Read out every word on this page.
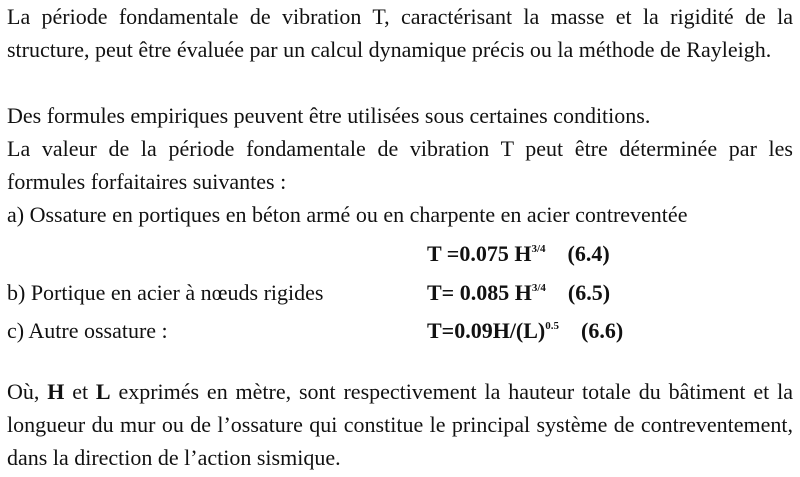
La période fondamentale de vibration T, caractérisant la masse et la rigidité de la structure, peut être évaluée par un calcul dynamique précis ou la méthode de Rayleigh.

Des formules empiriques peuvent être utilisées sous certaines conditions.

La valeur de la période fondamentale de vibration T peut être déterminée par les formules forfaitaires suivantes :

a) Ossature en portiques en béton armé ou en charpente en acier contreventée

T =0.075 $H^{3/4}$ (6.4)

b) Portique en acier à nœuds rigides	T= 0.085 $H^{3/4}$ (6.5)

c) Autre ossature :	$T=0.09H/(L)^{0.5}$ (6.6)

Où, H et L exprimés en mètre, sont respectivement la hauteur totale du bâtiment et la longueur du mur ou de l’ossature qui constitue le principal système de contreventement, dans la direction de l’action sismique.
